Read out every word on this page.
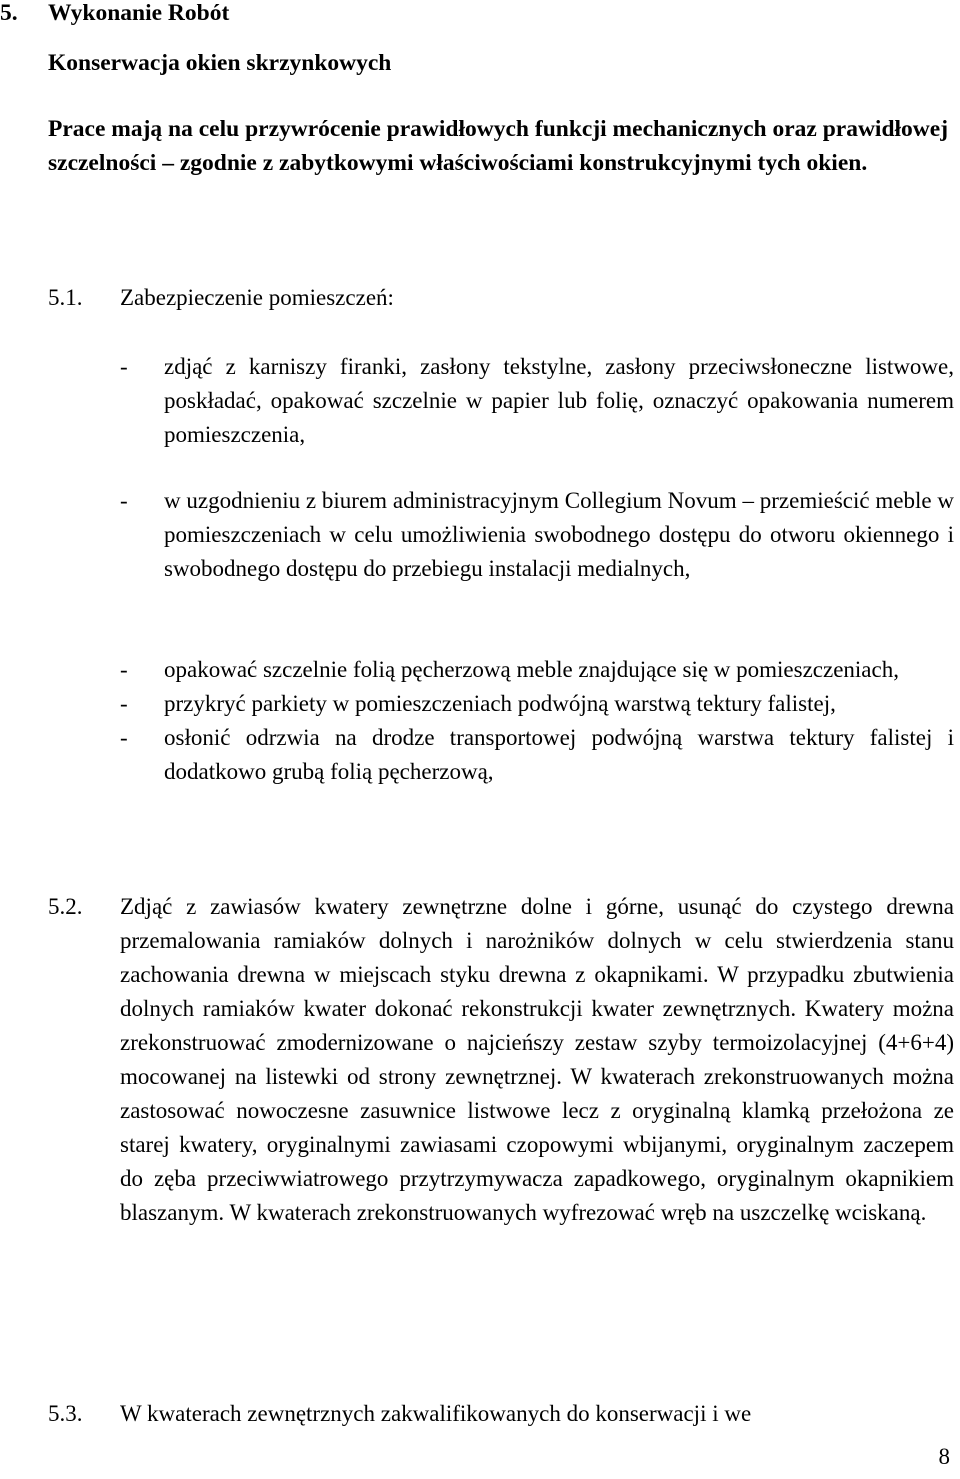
5. Wykonanie Robót
Konserwacja okien skrzynkowych

Prace mają na celu przywrócenie prawidłowych funkcji mechanicznych oraz prawidłowej szczelności – zgodnie z zabytkowymi właściwościami konstrukcyjnymi tych okien.

5.1.	Zabezpieczenie pomieszczeń:
- zdjąć z karniszy firanki, zasłony tekstylne, zasłony przeciwsłoneczne listwowe, poskładać, opakować szczelnie w papier lub folię, oznaczyć opakowania numerem pomieszczenia,
- w uzgodnieniu z biurem administracyjnym Collegium Novum – przemieścić meble w pomieszczeniach w celu umożliwienia swobodnego dostępu do otworu okiennego i swobodnego dostępu do przebiegu instalacji medialnych,
- opakować szczelnie folią pęcherzową meble znajdujące się w pomieszczeniach,
- przykryć parkiety w pomieszczeniach podwójną warstwą tektury falistej,
- osłonić odrzwia na drodze transportowej podwójną warstwa tektury falistej i dodatkowo grubą folią pęcherzową,
5.2.	Zdjąć z zawiasów kwatery zewnętrzne dolne i górne, usunąć do czystego drewna przemalowania ramiaków dolnych i narożników dolnych w celu stwierdzenia stanu zachowania drewna w miejscach styku drewna z okapnikami. W przypadku zbutwienia dolnych ramiaków kwater dokonać rekonstrukcji kwater zewnętrznych. Kwatery można zrekonstruować zmodernizowane o najcieńszy zestaw szyby termoizolacyjnej (4+6+4) mocowanej na listewki od strony zewnętrznej. W kwaterach zrekonstruowanych można zastosować nowoczesne zasuwnice listwowe lecz z oryginalną klamką przełożona ze starej kwatery, oryginalnymi zawiasami czopowymi wbijanymi, oryginalnym zaczepem do zęba przeciwwiatrowego przytrzymywacza zapadkowego, oryginalnym okapnikiem blaszanym. W kwaterach zrekonstruowanych wyfrezować wręb na uszczelkę wciskaną.
5.3.	W kwaterach zewnętrznych zakwalifikowanych do konserwacji i we
8
